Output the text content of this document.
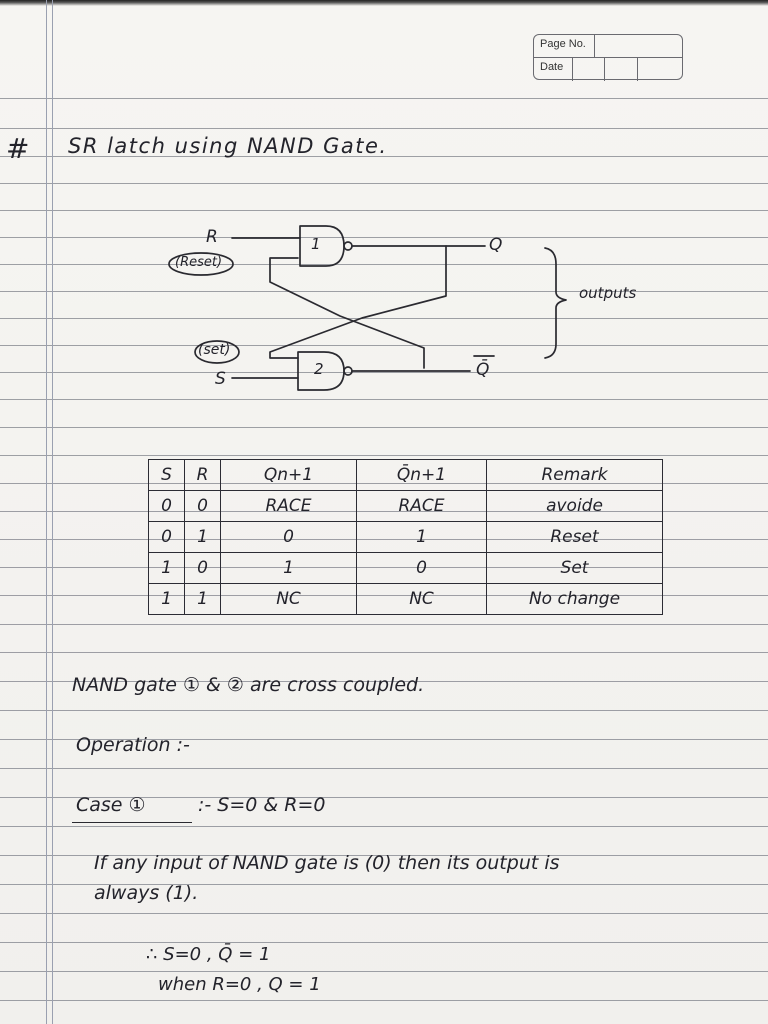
Page No.
Date
# SR latch using NAND Gate.
R
(Reset)
1	Q
outputs
(set)
2
S	Q̄
S	R	Qn+1	Q̄n+1	Remark
0	0	RACE	RACE	avoide
0	1	0	1	Reset
1	0	1	0	Set
1	1	NC	NC	No change
NAND gate ① & ② are cross coupled.
Operation :-
Case ①	:- S=0 & R=0
If any input of NAND gate is (0) then its output is
always (1).
∴ S=0 , Q̄ = 1
when R=0 , Q = 1
